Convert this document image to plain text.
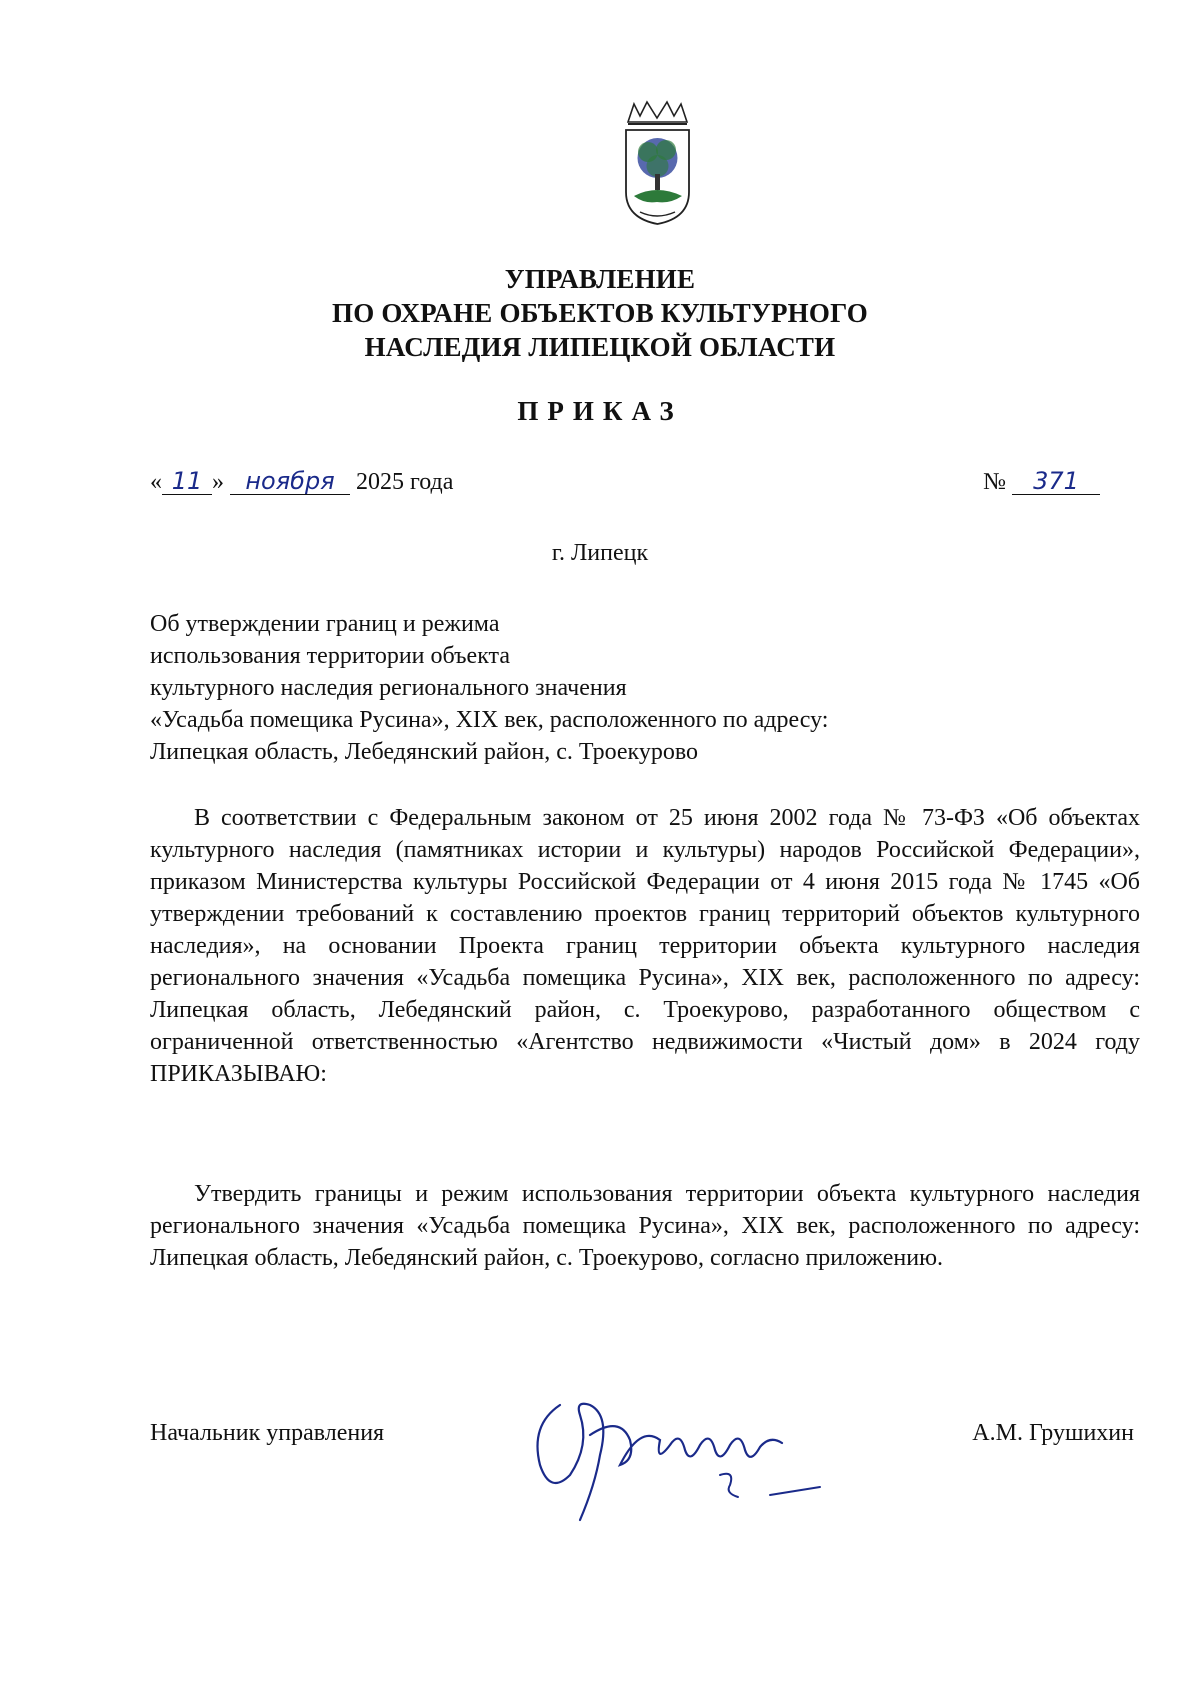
УПРАВЛЕНИЕ
ПО ОХРАНЕ ОБЪЕКТОВ КУЛЬТУРНОГО
НАСЛЕДИЯ ЛИПЕЦКОЙ ОБЛАСТИ
ПРИКАЗ
« 11 » ноября 2025 года	№ 371
г. Липецк
Об утверждении границ и режима
использования территории объекта
культурного наследия регионального значения
«Усадьба помещика Русина», XIX век, расположенного по адресу:
Липецкая область, Лебедянский район, с. Троекурово
В соответствии с Федеральным законом от 25 июня 2002 года № 73-ФЗ «Об объектах культурного наследия (памятниках истории и культуры) народов Российской Федерации», приказом Министерства культуры Российской Федерации от 4 июня 2015 года № 1745 «Об утверждении требований к составлению проектов границ территорий объектов культурного наследия», на основании Проекта границ территории объекта культурного наследия регионального значения «Усадьба помещика Русина», XIX век, расположенного по адресу: Липецкая область, Лебедянский район, с. Троекурово, разработанного обществом с ограниченной ответственностью «Агентство недвижимости «Чистый дом» в 2024 году ПРИКАЗЫВАЮ:
Утвердить границы и режим использования территории объекта культурного наследия регионального значения «Усадьба помещика Русина», XIX век, расположенного по адресу: Липецкая область, Лебедянский район, с. Троекурово, согласно приложению.
Начальник управления	А.М. Грушихин
